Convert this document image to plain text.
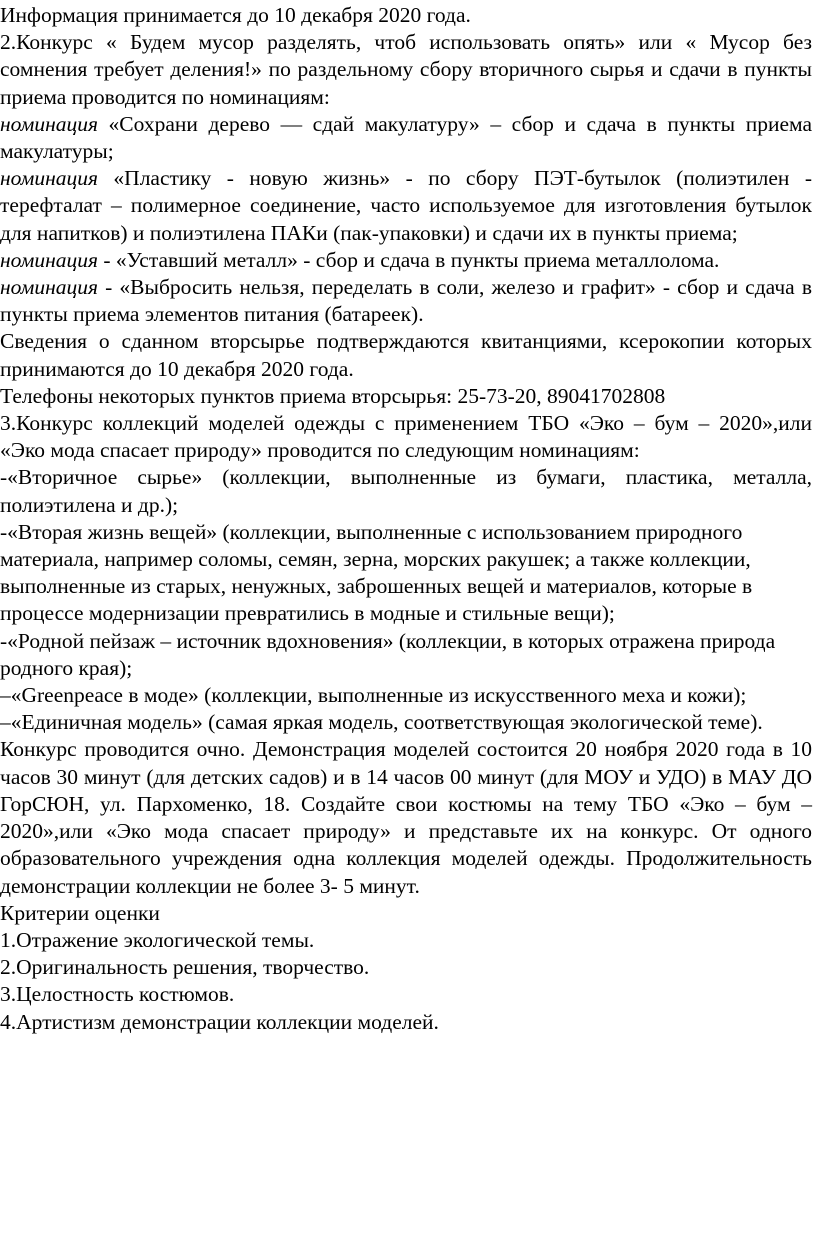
Информация принимается до 10 декабря 2020 года.

2.Конкурс « Будем мусор разделять, чтоб использовать опять» или « Мусор без сомнения требует деления!» по раздельному сбору вторичного сырья и сдачи в пункты приема проводится по номинациям:

номинация «Сохрани дерево — сдай макулатуру» – сбор и сдача в пункты приема макулатуры;

номинация «Пластику - новую жизнь» - по сбору ПЭТ-бутылок (полиэтилен - терефталат – полимерное соединение, часто используемое для изготовления бутылок для напитков) и полиэтилена ПАКи (пак-упаковки) и сдачи их в пункты приема;

номинация - «Уставший металл» - сбор и сдача в пункты приема металлолома.

номинация - «Выбросить нельзя, переделать в соли, железо и графит» - сбор и сдача в пункты приема элементов питания (батареек).

Сведения о сданном вторсырье подтверждаются квитанциями, ксерокопии которых принимаются до 10 декабря 2020 года.

Телефоны некоторых пунктов приема вторсырья: 25-73-20, 89041702808

3.Конкурс коллекций моделей одежды с применением ТБО «Эко – бум – 2020»,или «Эко мода спасает природу» проводится по следующим номинациям:

-«Вторичное сырье» (коллекции, выполненные из бумаги, пластика, металла, полиэтилена и др.);

-«Вторая жизнь вещей» (коллекции, выполненные с использованием природного материала, например соломы, семян, зерна, морских ракушек; а также коллекции, выполненные из старых, ненужных, заброшенных вещей и материалов, которые в процессе модернизации превратились в модные и стильные вещи);

-«Родной пейзаж – источник вдохновения» (коллекции, в которых отражена природа родного края);

–«Greenpeace в моде» (коллекции, выполненные из искусственного меха и кожи);

–«Единичная модель» (самая яркая модель, соответствующая экологической теме).

Конкурс проводится очно. Демонстрация моделей состоится 20 ноября 2020 года в 10 часов 30 минут (для детских садов) и в 14 часов 00 минут (для МОУ и УДО) в МАУ ДО ГорСЮН, ул. Пархоменко, 18. Создайте свои костюмы на тему ТБО «Эко – бум – 2020»,или «Эко мода спасает природу» и представьте их на конкурс. От одного образовательного учреждения одна коллекция моделей одежды. Продолжительность демонстрации коллекции не более 3- 5 минут.

Критерии оценки

1.Отражение экологической темы.

2.Оригинальность решения, творчество.

3.Целостность костюмов.

4.Артистизм демонстрации коллекции моделей.
